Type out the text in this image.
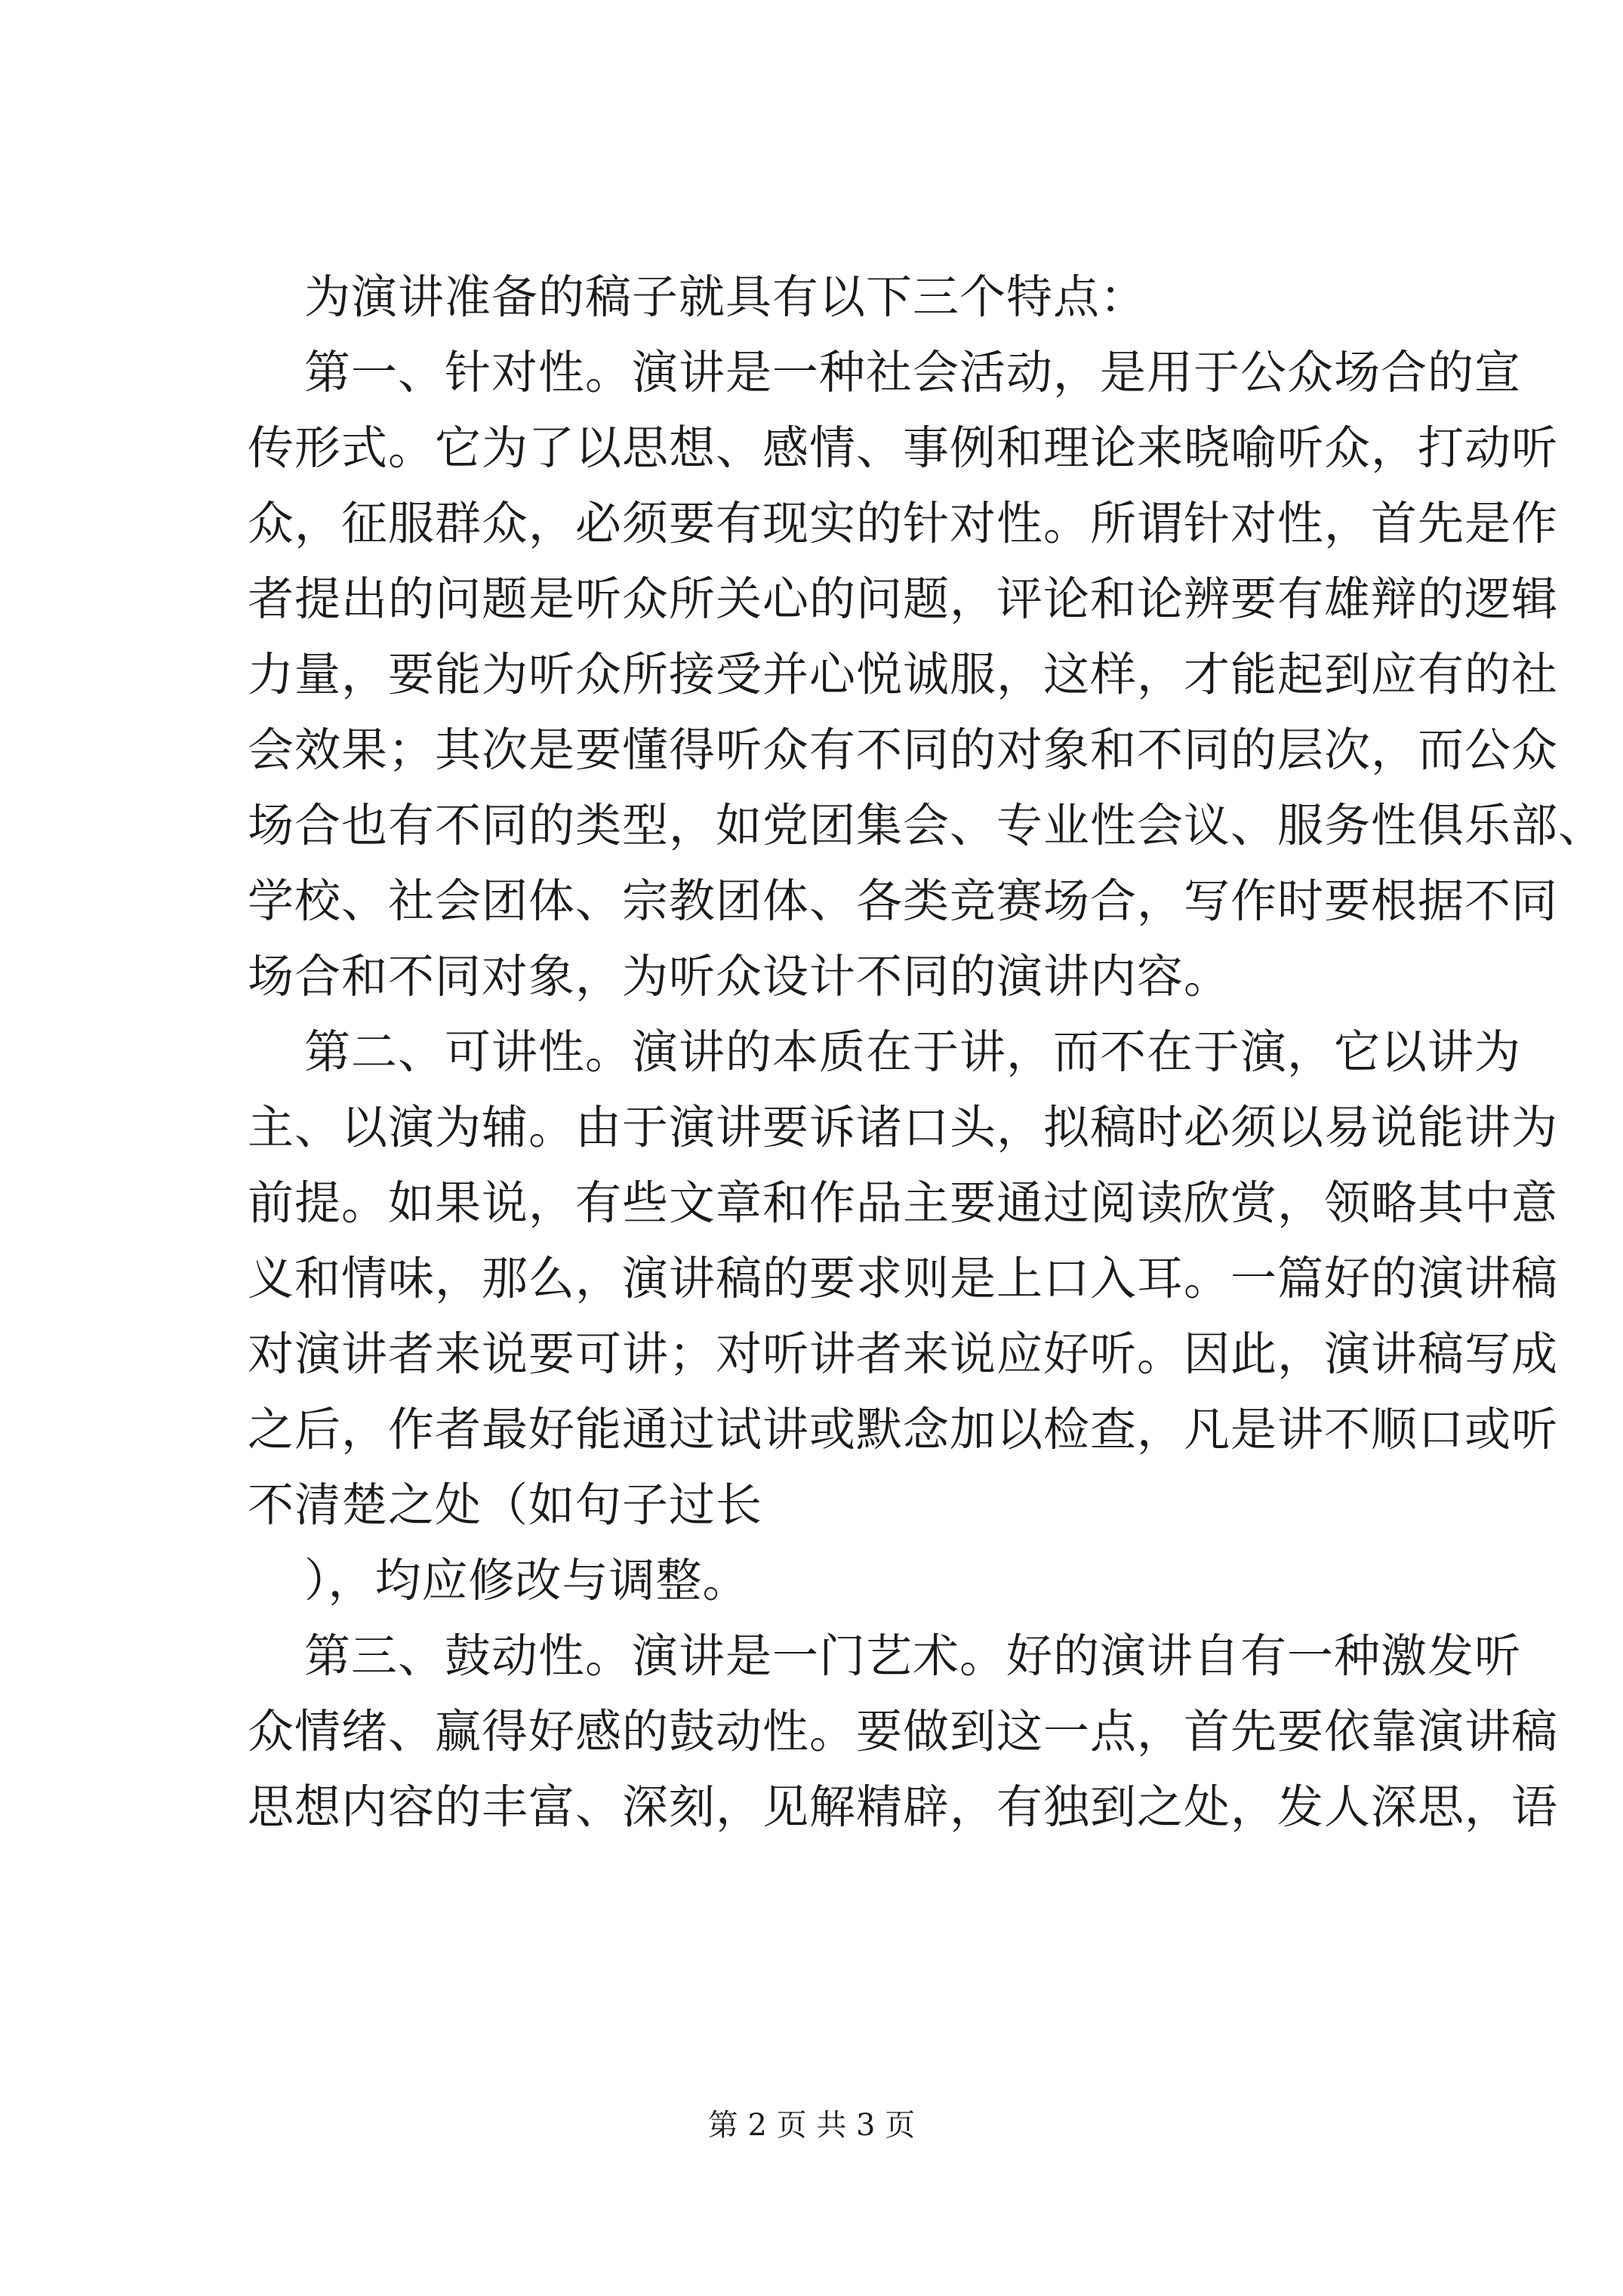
为演讲准备的稿子就具有以下三个特点：
第一、针对性。演讲是一种社会活动，是用于公众场合的宣
传形式。它为了以思想、感情、事例和理论来晓喻听众，打动听
众，征服群众，必须要有现实的针对性。所谓针对性，首先是作
者提出的问题是听众所关心的问题，评论和论辨要有雄辩的逻辑
力量，要能为听众所接受并心悦诚服，这样，才能起到应有的社
会效果；其次是要懂得听众有不同的对象和不同的层次，而公众
场合也有不同的类型，如党团集会、专业性会议、服务性俱乐部、
学校、社会团体、宗教团体、各类竞赛场合，写作时要根据不同
场合和不同对象，为听众设计不同的演讲内容。
第二、可讲性。演讲的本质在于讲，而不在于演，它以讲为
主、以演为辅。由于演讲要诉诸口头，拟稿时必须以易说能讲为
前提。如果说，有些文章和作品主要通过阅读欣赏，领略其中意
义和情味，那么，演讲稿的要求则是上口入耳。一篇好的演讲稿
对演讲者来说要可讲；对听讲者来说应好听。因此，演讲稿写成
之后，作者最好能通过试讲或默念加以检查，凡是讲不顺口或听
不清楚之处（如句子过长
），均应修改与调整。
第三、鼓动性。演讲是一门艺术。好的演讲自有一种激发听
众情绪、赢得好感的鼓动性。要做到这一点，首先要依靠演讲稿
思想内容的丰富、深刻，见解精辟，有独到之处，发人深思，语
第 2 页 共 3 页
